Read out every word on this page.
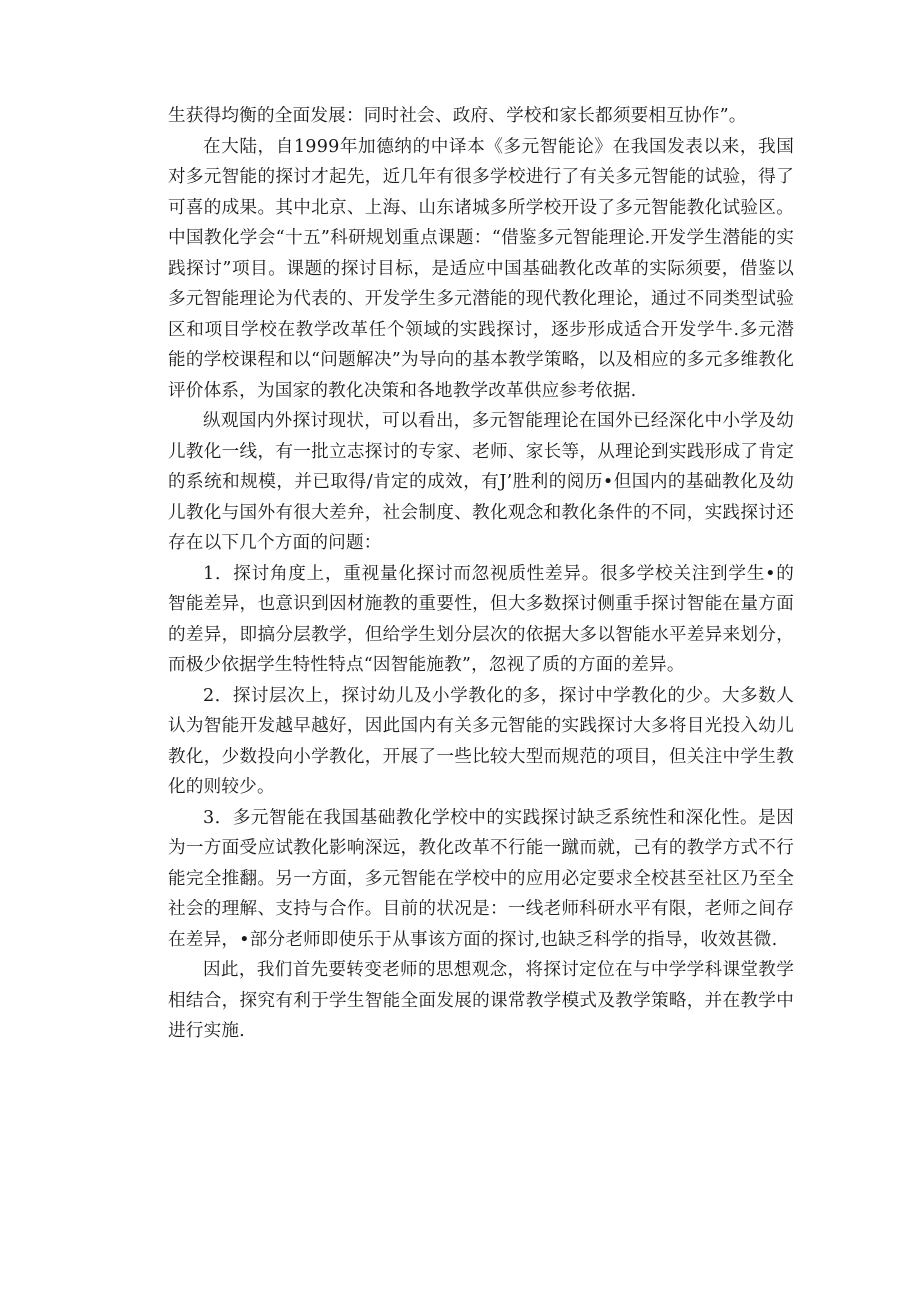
生获得均衡的全面发展：同时社会、政府、学校和家长都须要相互协作”。

在大陆，自1999年加德纳的中译本《多元智能论》在我国发表以来，我国对多元智能的探讨才起先，近几年有很多学校进行了有关多元智能的试验，得了可喜的成果。其中北京、上海、山东诸城多所学校开设了多元智能教化试验区。中国教化学会“十五”科研规划重点课题：“借鉴多元智能理论.开发学生潜能的实践探讨”项目。课题的探讨目标，是适应中国基础教化改革的实际须要，借鉴以多元智能理论为代表的、开发学生多元潜能的现代教化理论，通过不同类型试验区和项目学校在教学改革任个领域的实践探讨，逐步形成适合开发学牛.多元潜能的学校课程和以“问题解决”为导向的基本教学策略，以及相应的多元多维教化评价体系，为国家的教化决策和各地教学改革供应参考依据.

纵观国内外探讨现状，可以看出，多元智能理论在国外已经深化中小学及幼儿教化一线，有一批立志探讨的专家、老师、家长等，从理论到实践形成了肯定的系统和规模，并已取得/肯定的成效，有J’胜利的阅历•但国内的基础教化及幼儿教化与国外有很大差弁，社会制度、教化观念和教化条件的不同，实践探讨还存在以下几个方面的问题：

1．探讨角度上，重视量化探讨而忽视质性差异。很多学校关注到学生•的智能差异，也意识到因材施教的重要性，但大多数探讨侧重手探讨智能在量方面的差异，即搞分层教学，但给学生划分层次的依据大多以智能水平差异来划分，而极少依据学生特性特点“因智能施教”，忽视了质的方面的差异。

2．探讨层次上，探讨幼儿及小学教化的多，探讨中学教化的少。大多数人认为智能开发越早越好，因此国内有关多元智能的实践探讨大多将目光投入幼儿教化，少数投向小学教化，开展了一些比较大型而规范的项目，但关注中学生教化的则较少。

3．多元智能在我国基础教化学校中的实践探讨缺乏系统性和深化性。是因为一方面受应试教化影响深远，教化改革不行能一蹴而就，己有的教学方式不行能完全推翻。另一方面，多元智能在学校中的应用必定要求全校甚至社区乃至全社会的理解、支持与合作。目前的状况是：一线老师科研水平有限，老师之间存在差异，•部分老师即使乐于从事该方面的探讨,也缺乏科学的指导，收效甚微.

因此，我们首先要转变老师的思想观念，将探讨定位在与中学学科课堂教学相结合，探究有利于学生智能全面发展的课常教学模式及教学策略，并在教学中进行实施.
